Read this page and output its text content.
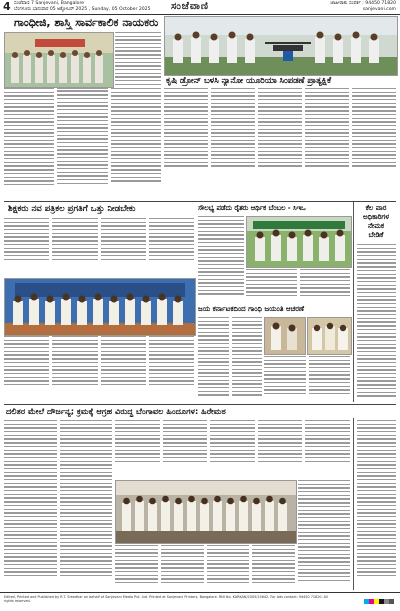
4 ಸಂಜೆವಾಣಿ 7 Sanjevani, Bangalore
ಬೆಂಗಳೂರು ಭಾನುವಾರ 05 ಅಕ್ಟೋಬರ್ 2025 , Sunday, 05 October 2025	ಸಂಜೆವಾಣಿ	ಜಾಹೀರಾತು ಸಂಪರ್ಕ : 94450 71820
sanjevani.com
ಗಾಂಧೀಜಿ, ಶಾಸ್ತ್ರಿ ಸಾರ್ವಕಾಲಿಕ ನಾಯಕರು
ಕೃಷಿ ಡ್ರೋನ್ ಬಳಸಿ ನ್ಯಾನೋ ಯೂರಿಯಾ ಸಿಂಪಡಣೆ ಪ್ರಾತ್ಯಕ್ಷಿಕೆ
ಶಿಕ್ಷಕರು ನವ ಪತ್ರಿಕಲ ಪ್ರಗತಿಗೆ ಒತ್ತು ನೀಡಬೇಕು	ಸೌಲಭ್ಯ ಪಡೆದು ರೈತರು ಆರ್ಥಿಕ ಬೆಂಬಲ - ಸಿಇಒ
ಜಯ ಕರ್ನಾಟಕದಿಂದ ಗಾಂಧಿ ಜಯಂತಿ ಆಚರಣೆ
ಕೆಲ ವಾರ
ಅಧಿಕಾರಿಗಳ
ನೇಮಕ
ಬೇಡಿಕೆ
ದಲಿತರ ಮೇಲೆ ದೌರ್ಜನ್ಯ; ಕ್ರಮಕ್ಕೆ ಆಗ್ರಹ ವಿರುದ್ಧ ಬೆಂಗಾವಲ ಹಿಂದೂಗಳ: ಹಿರೇಮಠ
Edited, Printed and Published by R.T. Sreedhar on behalf of Sanjevani Media Pvt. Ltd. Printed at Sanjevani Printers, Bangalore. RNI No. KARKAN/2005/15642. For Ads contact: 94450 71820. All rights reserved.
